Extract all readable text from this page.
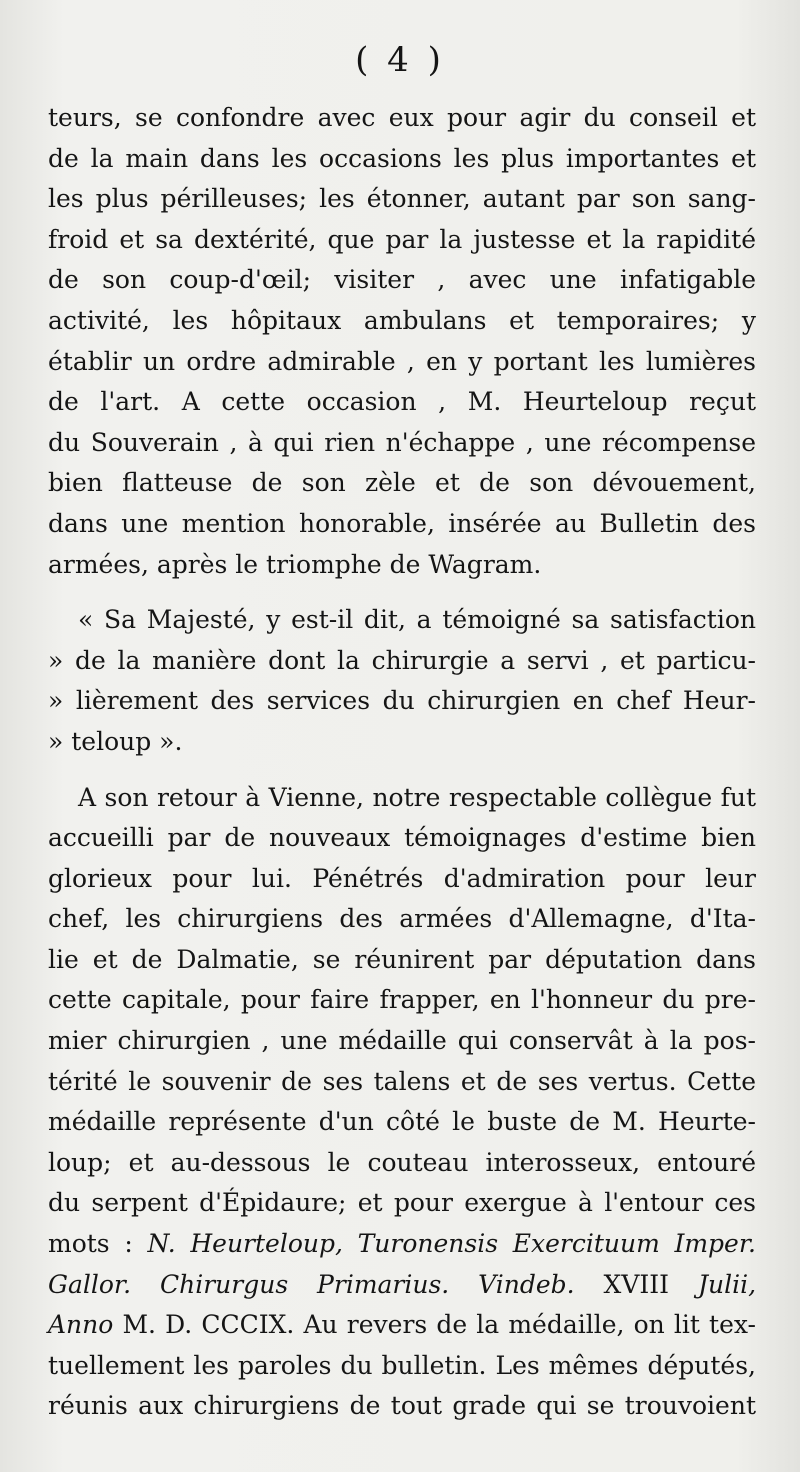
( 4 )
teurs, se confondre avec eux pour agir du conseil et
de la main dans les occasions les plus importantes et
les plus périlleuses; les étonner, autant par son sang-
froid et sa dextérité, que par la justesse et la rapidité
de son coup-d'œil; visiter , avec une infatigable
activité, les hôpitaux ambulans et temporaires; y
établir un ordre admirable , en y portant les lumières
de l'art. A cette occasion , M. Heurteloup reçut
du Souverain , à qui rien n'échappe , une récompense
bien flatteuse de son zèle et de son dévouement,
dans une mention honorable, insérée au Bulletin des
armées, après le triomphe de Wagram.
« Sa Majesté, y est-il dit, a témoigné sa satisfaction
» de la manière dont la chirurgie a servi , et particu-
» lièrement des services du chirurgien en chef Heur-
» teloup ».
A son retour à Vienne, notre respectable collègue fut
accueilli par de nouveaux témoignages d'estime bien
glorieux pour lui. Pénétrés d'admiration pour leur
chef, les chirurgiens des armées d'Allemagne, d'Ita-
lie et de Dalmatie, se réunirent par députation dans
cette capitale, pour faire frapper, en l'honneur du pre-
mier chirurgien , une médaille qui conservât à la pos-
térité le souvenir de ses talens et de ses vertus. Cette
médaille représente d'un côté le buste de M. Heurte-
loup; et au-dessous le couteau interosseux, entouré
du serpent d'Épidaure; et pour exergue à l'entour ces
mots : N. Heurteloup, Turonensis Exercituum Imper.
Gallor. Chirurgus Primarius. Vindeb. XVIII Julii,
Anno M. D. CCCIX. Au revers de la médaille, on lit tex-
tuellement les paroles du bulletin. Les mêmes députés,
réunis aux chirurgiens de tout grade qui se trouvoient
